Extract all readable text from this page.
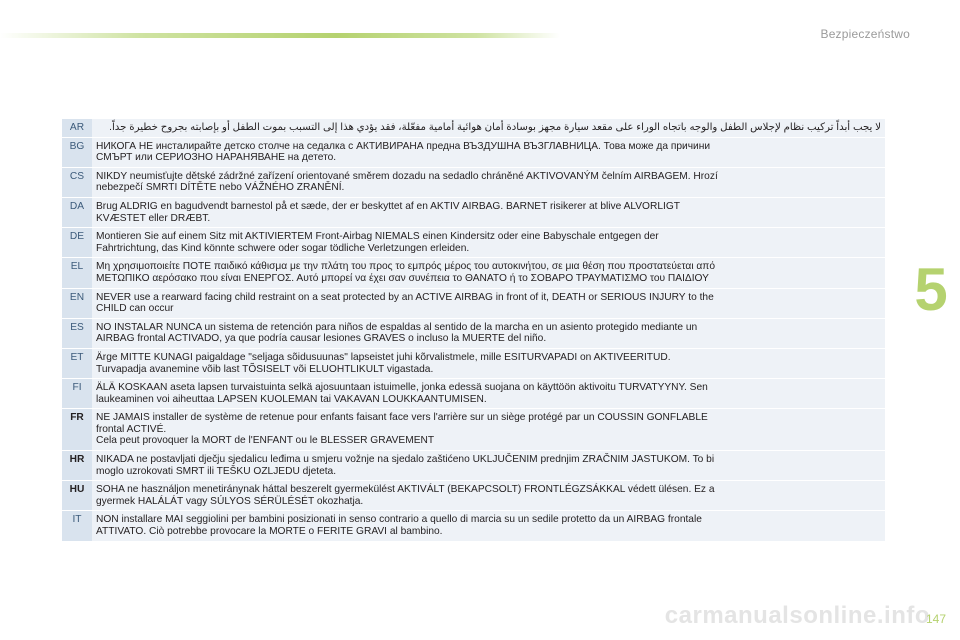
Bezpieczeństwo
5
AR	لا يجب أبداً تركيب نظام لإجلاس الطفل والوجه باتجاه الوراء على مقعد سيارة مجهز بوسادة أمان هوائية أمامية مفعّلة، فقد يؤدي هذا إلى التسبب بموت الطفل أو بإصابته بجروح خطيرة جداً.

BG	НИКОГА НЕ инсталирайте детско столче на седалка с АКТИВИРАНА предна ВЪЗДУШНА ВЪЗГЛАВНИЦА. Това може да причини
СМЪРТ или СЕРИОЗНО НАРАНЯВАНЕ на детето.

CS	NIKDY neumisťujte dětské zádržné zařízení orientované směrem dozadu na sedadlo chráněné AKTIVOVANÝM čelním AIRBAGEM. Hrozí
nebezpečí SMRTI DÍTĚTE nebo VÁŽNÉHO ZRANĚNÍ.

DA	Brug ALDRIG en bagudvendt barnestol på et sæde, der er beskyttet af en AKTIV AIRBAG. BARNET risikerer at blive ALVORLIGT
KVÆSTET eller DRÆBT.

DE	Montieren Sie auf einem Sitz mit AKTIVIERTEM Front-Airbag NIEMALS einen Kindersitz oder eine Babyschale entgegen der
Fahrtrichtung, das Kind könnte schwere oder sogar tödliche Verletzungen erleiden.

EL	Μη χρησιμοποιείτε ΠΟΤΕ παιδικό κάθισμα με την πλάτη του προς το εμπρός μέρος του αυτοκινήτου, σε μια θέση που προστατεύεται από
ΜΕΤΩΠΙΚΟ αερόσακο που είναι ΕΝΕΡΓΟΣ. Αυτό μπορεί να έχει σαν συνέπεια το ΘΑΝΑΤΟ ή το ΣΟΒΑΡΟ ΤΡΑΥΜΑΤΙΣΜΟ του ΠΑΙΔΙΟΥ

EN	NEVER use a rearward facing child restraint on a seat protected by an ACTIVE AIRBAG in front of it, DEATH or SERIOUS INJURY to the
CHILD can occur

ES	NO INSTALAR NUNCA un sistema de retención para niños de espaldas al sentido de la marcha en un asiento protegido mediante un
AIRBAG frontal ACTIVADO, ya que podría causar lesiones GRAVES o incluso la MUERTE del niño.

ET	Ärge MITTE KUNAGI paigaldage "seljaga sõidusuunas" lapseistet juhi kõrvalistmele, mille ESITURVAPADI on AKTIVEERITUD.
Turvapadja avanemine võib last TÕSISELT või ELUOHTLIKULT vigastada.

FI	ÄLÄ KOSKAAN aseta lapsen turvaistuinta selkä ajosuuntaan istuimelle, jonka edessä suojana on käyttöön aktivoitu TURVATYYNY. Sen
laukeaminen voi aiheuttaa LAPSEN KUOLEMAN tai VAKAVAN LOUKKAANTUMISEN.

FR	NE JAMAIS installer de système de retenue pour enfants faisant face vers l'arrière sur un siège protégé par un COUSSIN GONFLABLE
frontal ACTIVÉ.
Cela peut provoquer la MORT de l'ENFANT ou le BLESSER GRAVEMENT

HR	NIKADA ne postavljati dječju sjedalicu leđima u smjeru vožnje na sjedalo zaštićeno UKLJUČENIM prednjim ZRAČNIM JASTUKOM. To bi
moglo uzrokovati SMRT ili TEŠKU OZLJEDU djeteta.

HU	SOHA ne használjon menetiránynak háttal beszerelt gyermekülést AKTIVÁLT (BEKAPCSOLT) FRONTLÉGZSÁKKAL védett ülésen. Ez a
gyermek HALÁLÁT vagy SÚLYOS SÉRÜLÉSÉT okozhatja.

IT	NON installare MAI seggiolini per bambini posizionati in senso contrario a quello di marcia su un sedile protetto da un AIRBAG frontale
ATTIVATO. Ciò potrebbe provocare la MORTE o FERITE GRAVI al bambino.
carmanualsonline.info
147
